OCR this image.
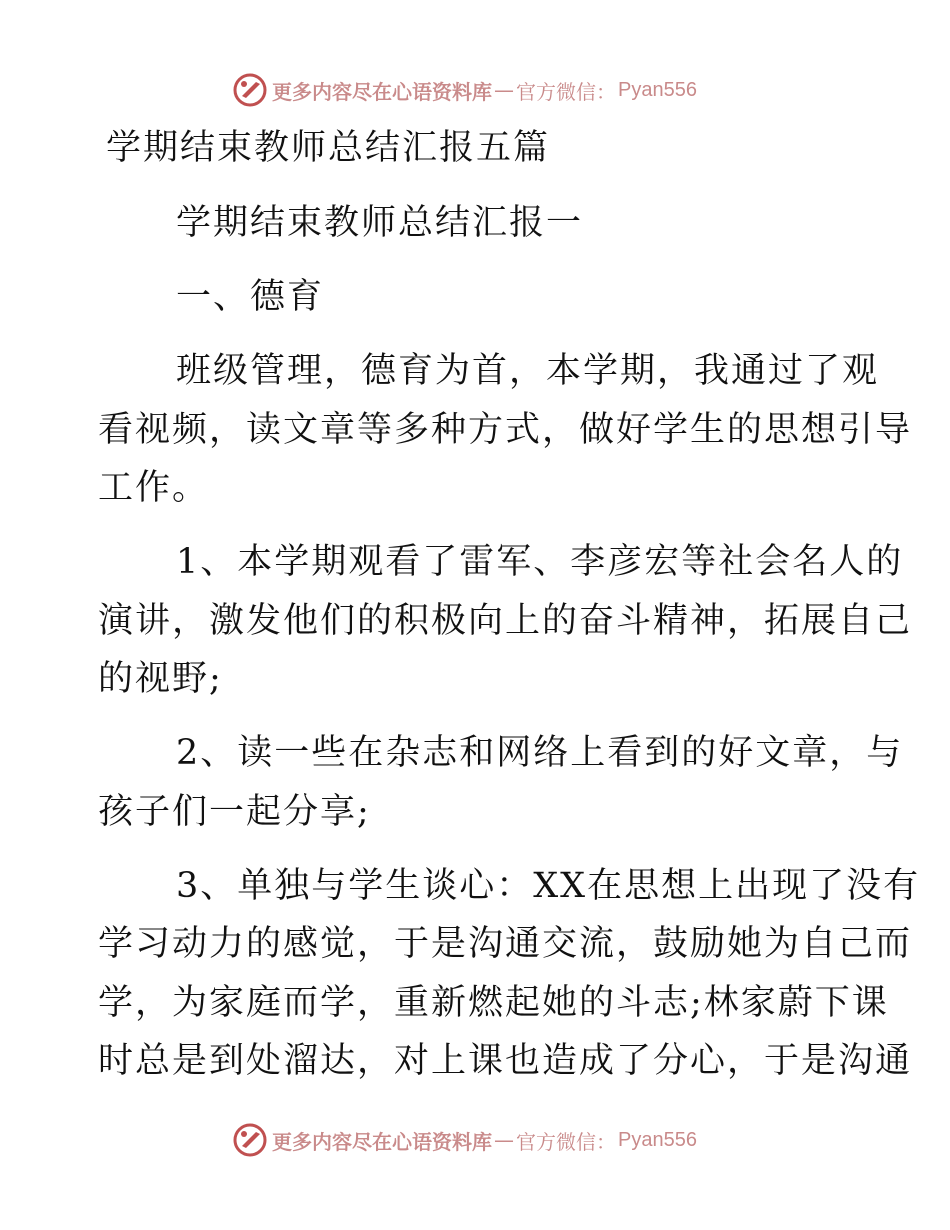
更多内容尽在心语资料库 — 官方微信： Pyan556
学期结束教师总结汇报五篇
学期结束教师总结汇报一
一、德育
班级管理，德育为首，本学期，我通过了观
看视频，读文章等多种方式，做好学生的思想引导
工作。
1、本学期观看了雷军、李彦宏等社会名人的
演讲，激发他们的积极向上的奋斗精神，拓展自己
的视野;
2、读一些在杂志和网络上看到的好文章，与
孩子们一起分享;
3、单独与学生谈心：XX在思想上出现了没有
学习动力的感觉，于是沟通交流，鼓励她为自己而
学，为家庭而学，重新燃起她的斗志;林家蔚下课
时总是到处溜达，对上课也造成了分心，于是沟通
更多内容尽在心语资料库 — 官方微信： Pyan556
